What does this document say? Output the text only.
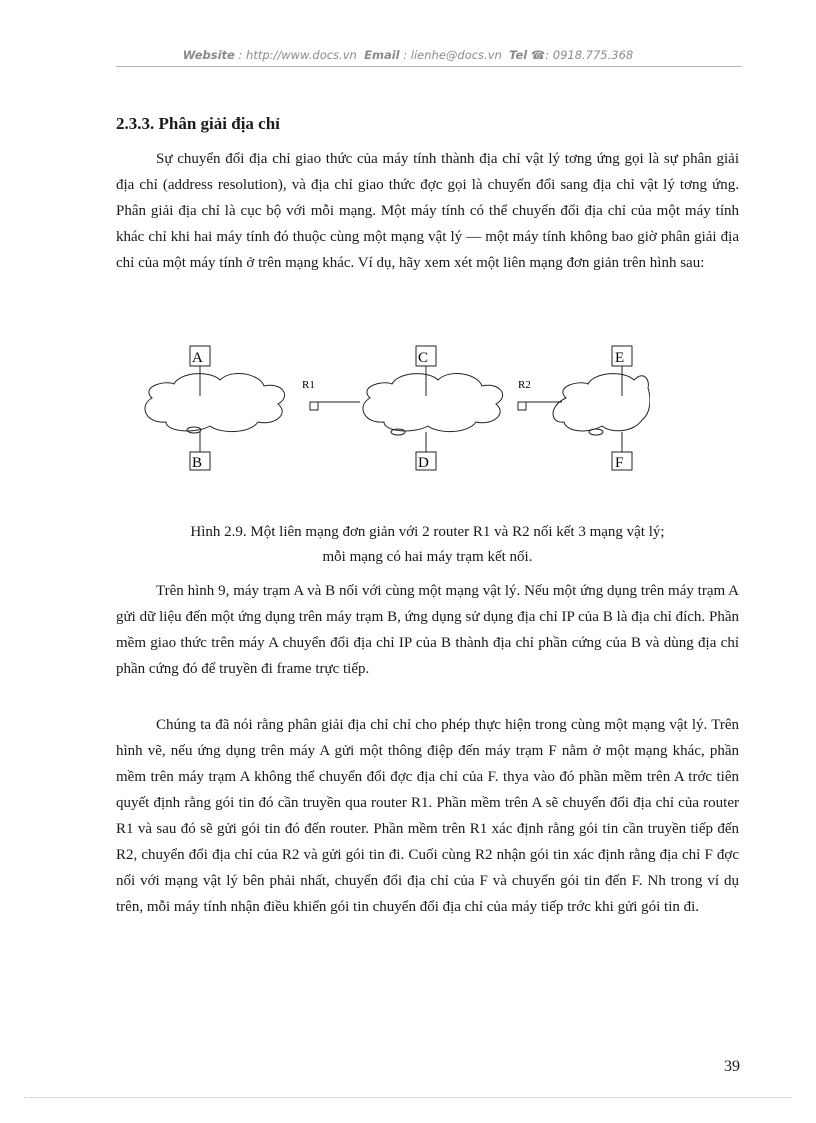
Website : http://www.docs.vn Email : lienhe@docs.vn Tel ☎: 0918.775.368
2.3.3. Phân giải địa chỉ

Sự chuyển đổi địa chỉ giao thức của máy tính thành địa chỉ vật lý tơng ứng gọi là sự phân giải địa chỉ (address resolution), và địa chỉ giao thức đợc gọi là chuyển đổi sang địa chỉ vật lý tơng ứng. Phân giải địa chỉ là cục bộ với mỗi mạng. Một máy tính có thể chuyển đổi địa chỉ của một máy tính khác chỉ khi hai máy tính đó thuộc cùng một mạng vật lý — một máy tính không bao giờ phân giải địa chỉ của một máy tính ở trên mạng khác. Ví dụ, hãy xem xét một liên mạng đơn giản trên hình sau:

R1	R2
A
B
C
D
E
F
Hình 2.9. Một liên mạng đơn giản với 2 router R1 và R2 nối kết 3 mạng vật lý;
mỗi mạng có hai máy trạm kết nối.

Trên hình 9, máy trạm A và B nối với cùng một mạng vật lý. Nếu một ứng dụng trên máy trạm A gửi dữ liệu đến một ứng dụng trên máy trạm B, ứng dụng sử dụng địa chỉ IP của B là địa chỉ đích. Phần mềm giao thức trên máy A chuyển đổi địa chỉ IP của B thành địa chỉ phần cứng của B và dùng địa chỉ phần cứng đó để truyền đi frame trực tiếp.

Chúng ta đã nói rằng phân giải địa chỉ chỉ cho phép thực hiện trong cùng một mạng vật lý. Trên hình vẽ, nếu ứng dụng trên máy A gửi một thông điệp đến máy trạm F nằm ở một mạng khác, phần mềm trên máy trạm A không thể chuyển đổi đợc địa chỉ của F. thya vào đó phần mềm trên A trớc tiên quyết định rằng gói tin đó cần truyền qua router R1. Phần mềm trên A sẽ chuyển đổi địa chỉ của router R1 và sau đó sẽ gửi gói tin đó đến router. Phần mềm trên R1 xác định rằng gói tin cần truyền tiếp đến R2, chuyển đổi địa chỉ của R2 và gửi gói tin đi. Cuối cùng R2 nhận gói tin xác định rằng địa chỉ F đợc nối với mạng vật lý bên phải nhất, chuyển đổi địa chỉ của F và chuyển gói tin đến F. Nh trong ví dụ trên, mỗi máy tính nhận điều khiển gói tin chuyển đổi địa chỉ của máy tiếp trớc khi gửi gói tin đi.

39
